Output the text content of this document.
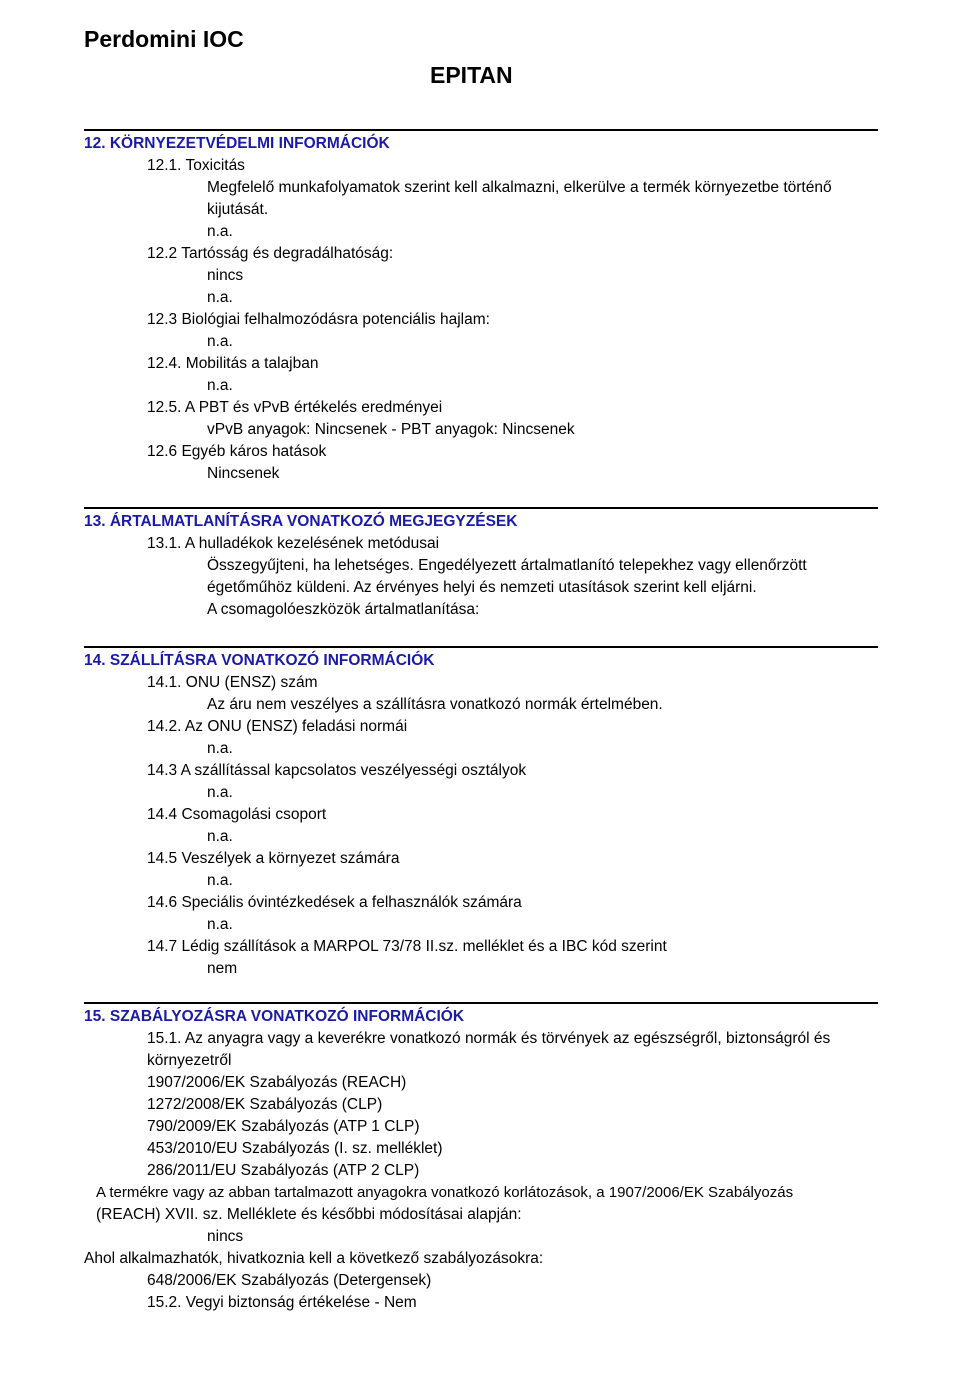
Perdomini IOC
EPITAN
12. KÖRNYEZETVÉDELMI INFORMÁCIÓK
12.1. Toxicitás
Megfelelő munkafolyamatok szerint kell alkalmazni, elkerülve a termék környezetbe történő
kijutását.
n.a.
12.2 Tartósság és degradálhatóság:
nincs
n.a.
12.3 Biológiai felhalmozódásra potenciális hajlam:
n.a.
12.4. Mobilitás a talajban
n.a.
12.5. A PBT és vPvB értékelés eredményei
vPvB anyagok: Nincsenek - PBT anyagok: Nincsenek
12.6 Egyéb káros hatások
Nincsenek
13. ÁRTALMATLANÍTÁSRA VONATKOZÓ MEGJEGYZÉSEK
13.1. A hulladékok kezelésének metódusai
Összegyűjteni, ha lehetséges. Engedélyezett ártalmatlanító telepekhez vagy ellenőrzött
égetőműhöz küldeni. Az érvényes helyi és nemzeti utasítások szerint kell eljárni.
A csomagolóeszközök ártalmatlanítása:
14. SZÁLLÍTÁSRA VONATKOZÓ INFORMÁCIÓK
14.1. ONU (ENSZ) szám
Az áru nem veszélyes a szállításra vonatkozó normák értelmében.
14.2. Az ONU (ENSZ) feladási normái
n.a.
14.3 A szállítással kapcsolatos veszélyességi osztályok
n.a.
14.4 Csomagolási csoport
n.a.
14.5 Veszélyek a környezet számára
n.a.
14.6 Speciális óvintézkedések a felhasználók számára
n.a.
14.7 Lédig szállítások a MARPOL 73/78 II.sz. melléklet és a IBC kód szerint
nem
15. SZABÁLYOZÁSRA VONATKOZÓ INFORMÁCIÓK
15.1. Az anyagra vagy a keverékre vonatkozó normák és törvények az egészségről, biztonságról és
környezetről
1907/2006/EK Szabályozás (REACH)
1272/2008/EK Szabályozás (CLP)
790/2009/EK Szabályozás (ATP 1 CLP)
453/2010/EU Szabályozás (I. sz. melléklet)
286/2011/EU Szabályozás (ATP 2 CLP)
A termékre vagy az abban tartalmazott anyagokra vonatkozó korlátozások, a 1907/2006/EK Szabályozás
(REACH) XVII. sz. Melléklete és későbbi módosításai alapján:
nincs
Ahol alkalmazhatók, hivatkoznia kell a következő szabályozásokra:
648/2006/EK Szabályozás (Detergensek)
15.2. Vegyi biztonság értékelése - Nem
